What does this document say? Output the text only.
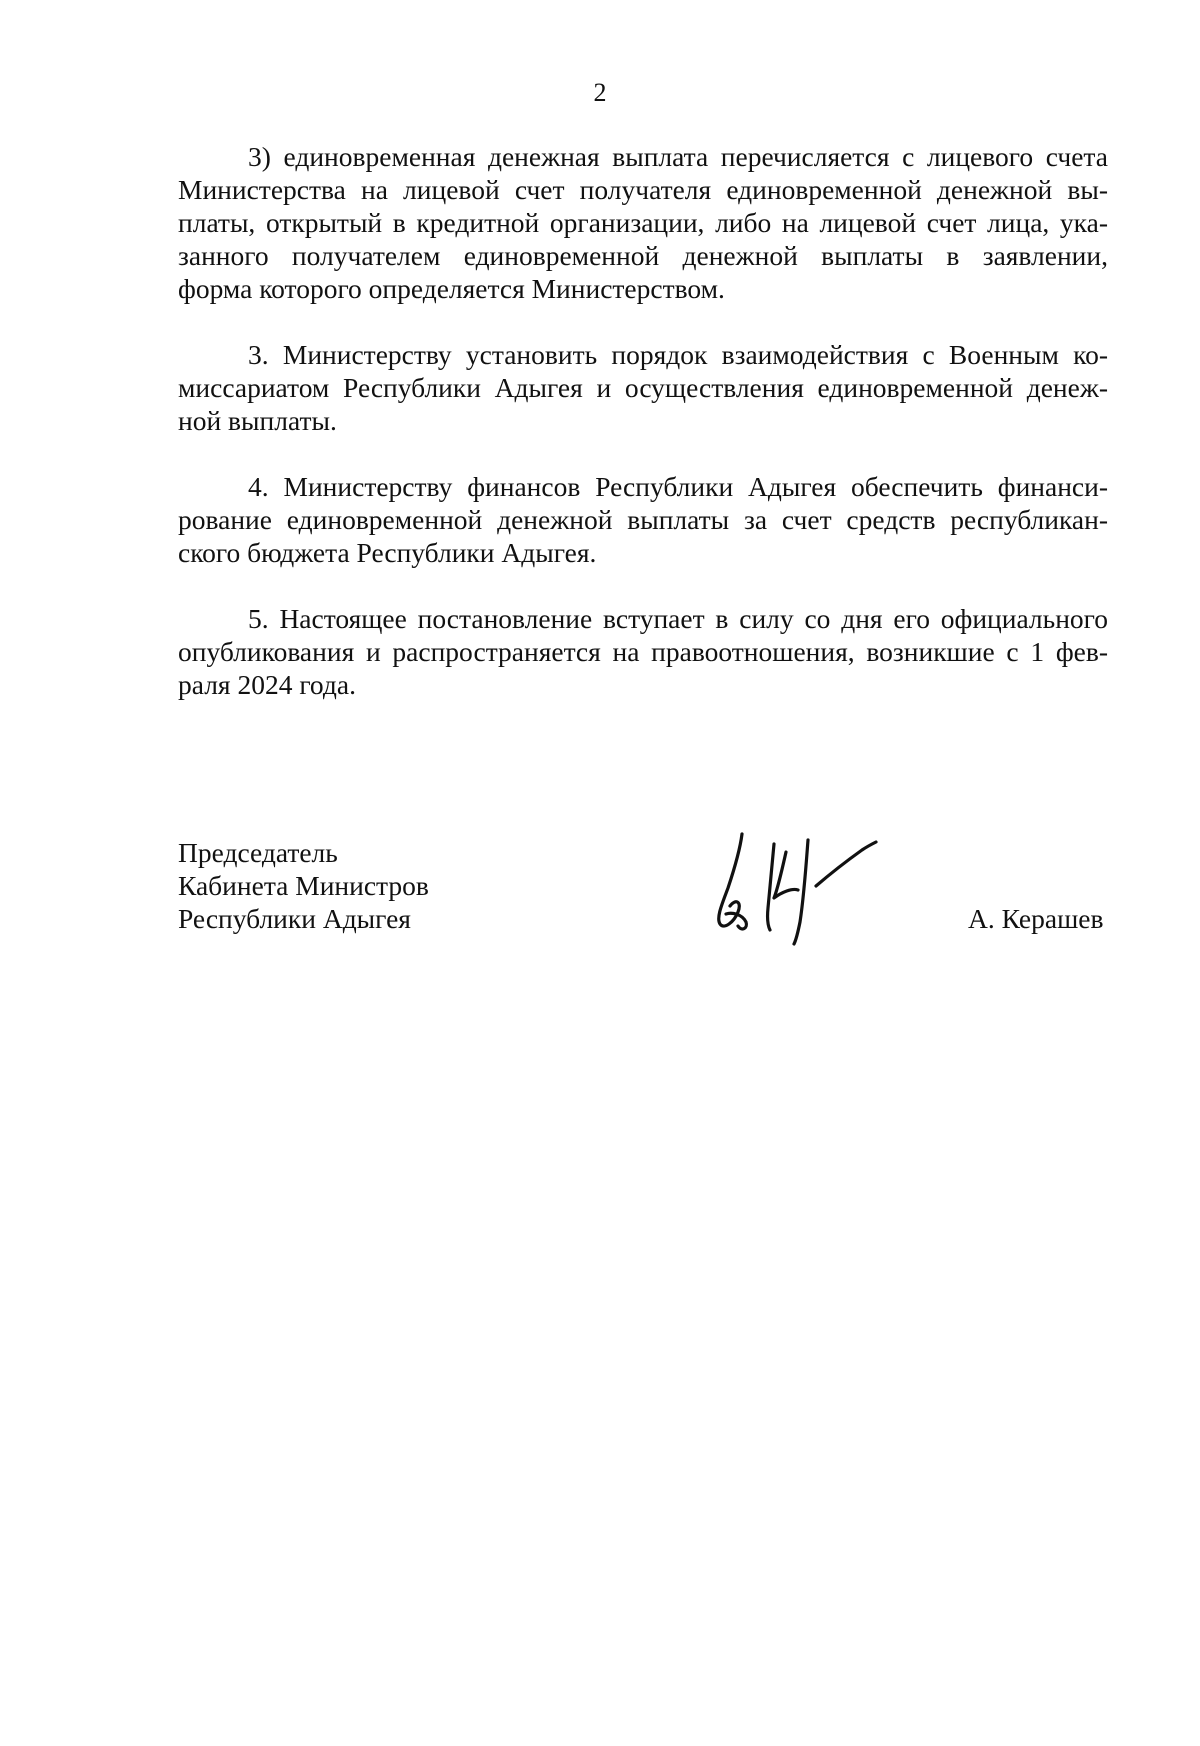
2

3) единовременная денежная выплата перечисляется с лицевого счета
Министерства на лицевой счет получателя единовременной денежной вы-
платы, открытый в кредитной организации, либо на лицевой счет лица, ука-
занного получателем единовременной денежной выплаты в заявлении,
форма которого определяется Министерством.

3. Министерству установить порядок взаимодействия с Военным ко-
миссариатом Республики Адыгея и осуществления единовременной денеж-
ной выплаты.

4. Министерству финансов Республики Адыгея обеспечить финанси-
рование единовременной денежной выплаты за счет средств республикан-
ского бюджета Республики Адыгея.

5. Настоящее постановление вступает в силу со дня его официального
опубликования и распространяется на правоотношения, возникшие с 1 фев-
раля 2024 года.

Председатель
Кабинета Министров
Республики Адыгея	А. Керашев
